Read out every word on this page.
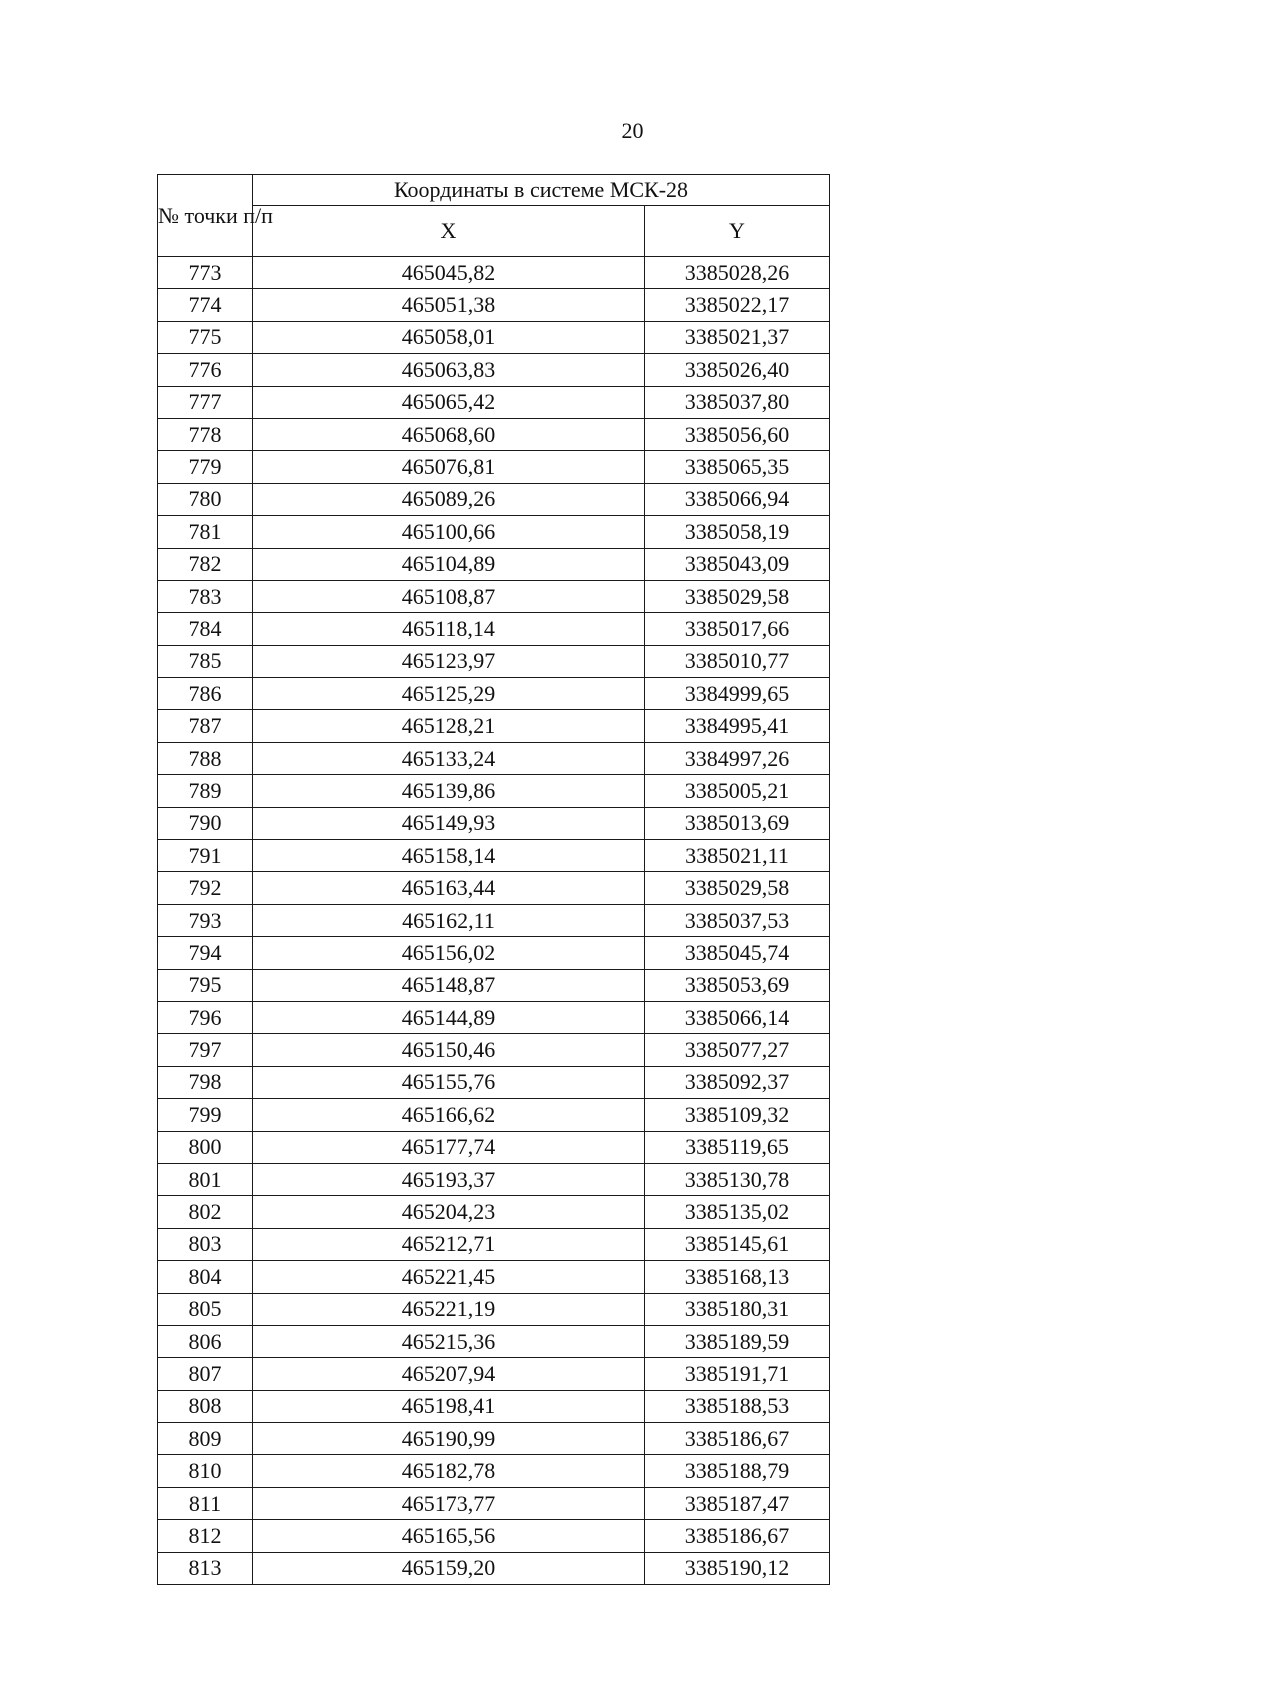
20
№ точки п/п	Координаты в системе МСК-28	
	X	Y
773	465045,82	3385028,26
774	465051,38	3385022,17
775	465058,01	3385021,37
776	465063,83	3385026,40
777	465065,42	3385037,80
778	465068,60	3385056,60
779	465076,81	3385065,35
780	465089,26	3385066,94
781	465100,66	3385058,19
782	465104,89	3385043,09
783	465108,87	3385029,58
784	465118,14	3385017,66
785	465123,97	3385010,77
786	465125,29	3384999,65
787	465128,21	3384995,41
788	465133,24	3384997,26
789	465139,86	3385005,21
790	465149,93	3385013,69
791	465158,14	3385021,11
792	465163,44	3385029,58
793	465162,11	3385037,53
794	465156,02	3385045,74
795	465148,87	3385053,69
796	465144,89	3385066,14
797	465150,46	3385077,27
798	465155,76	3385092,37
799	465166,62	3385109,32
800	465177,74	3385119,65
801	465193,37	3385130,78
802	465204,23	3385135,02
803	465212,71	3385145,61
804	465221,45	3385168,13
805	465221,19	3385180,31
806	465215,36	3385189,59
807	465207,94	3385191,71
808	465198,41	3385188,53
809	465190,99	3385186,67
810	465182,78	3385188,79
811	465173,77	3385187,47
812	465165,56	3385186,67
813	465159,20	3385190,12
